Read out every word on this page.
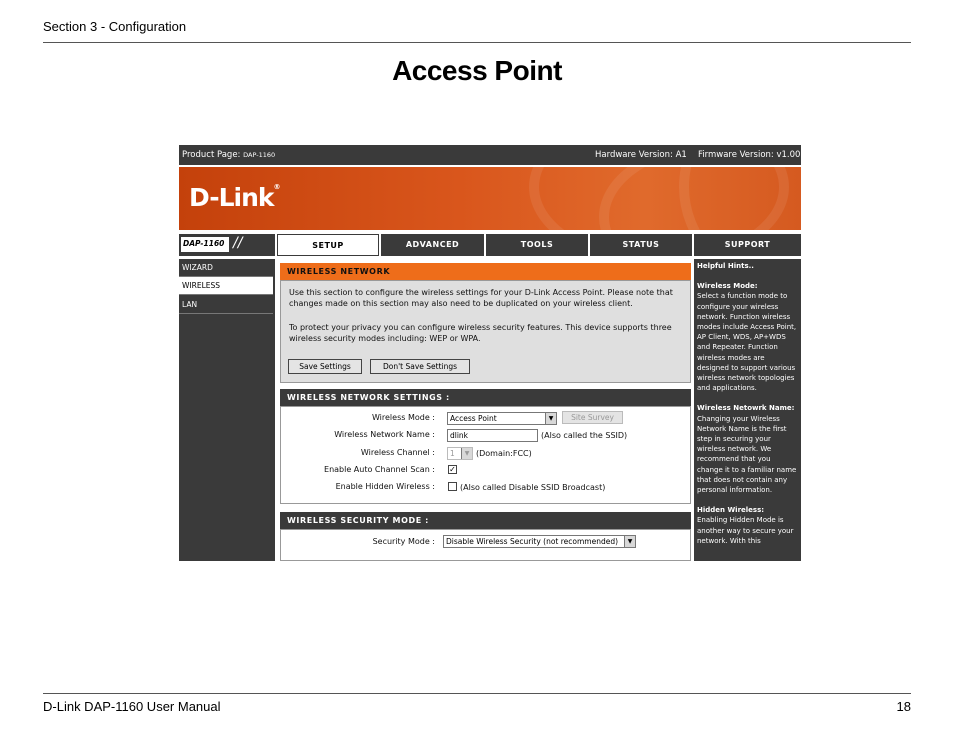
Section 3 - Configuration
Access Point
Product Page: DAP-1160	Hardware Version: A1 Firmware Version: v1.00
D-Link®
DAP-1160 //	SETUP	ADVANCED	TOOLS	STATUS	SUPPORT
WIZARD
WIRELESS
LAN
WIRELESS NETWORK
Use this section to configure the wireless settings for your D-Link Access Point. Please note that changes made on this section may also need to be duplicated on your wireless client.
To protect your privacy you can configure wireless security features. This device supports three wireless security modes including: WEP or WPA.
Save Settings	Don't Save Settings
WIRELESS NETWORK SETTINGS :
Wireless Mode :	Access Point	▼	Site Survey
Wireless Network Name :	dlink	(Also called the SSID)
Wireless Channel :	1	▼ (Domain:FCC)
Enable Auto Channel Scan : ✓
Enable Hidden Wireless :	(Also called Disable SSID Broadcast)
WIRELESS SECURITY MODE :
Security Mode :	Disable Wireless Security (not recommended)	▼
Helpful Hints..
Wireless Mode:
Select a function mode to configure your wireless network. Function wireless modes include Access Point, AP Client, WDS, AP+WDS and Repeater. Function wireless modes are designed to support various wireless network topologies and applications.
Wireless Netowrk Name:
Changing your Wireless Network Name is the first step in securing your wireless network. We recommend that you change it to a familiar name that does not contain any personal information.
Hidden Wireless:
Enabling Hidden Mode is another way to secure your network. With this
D-Link DAP-1160 User Manual	18
